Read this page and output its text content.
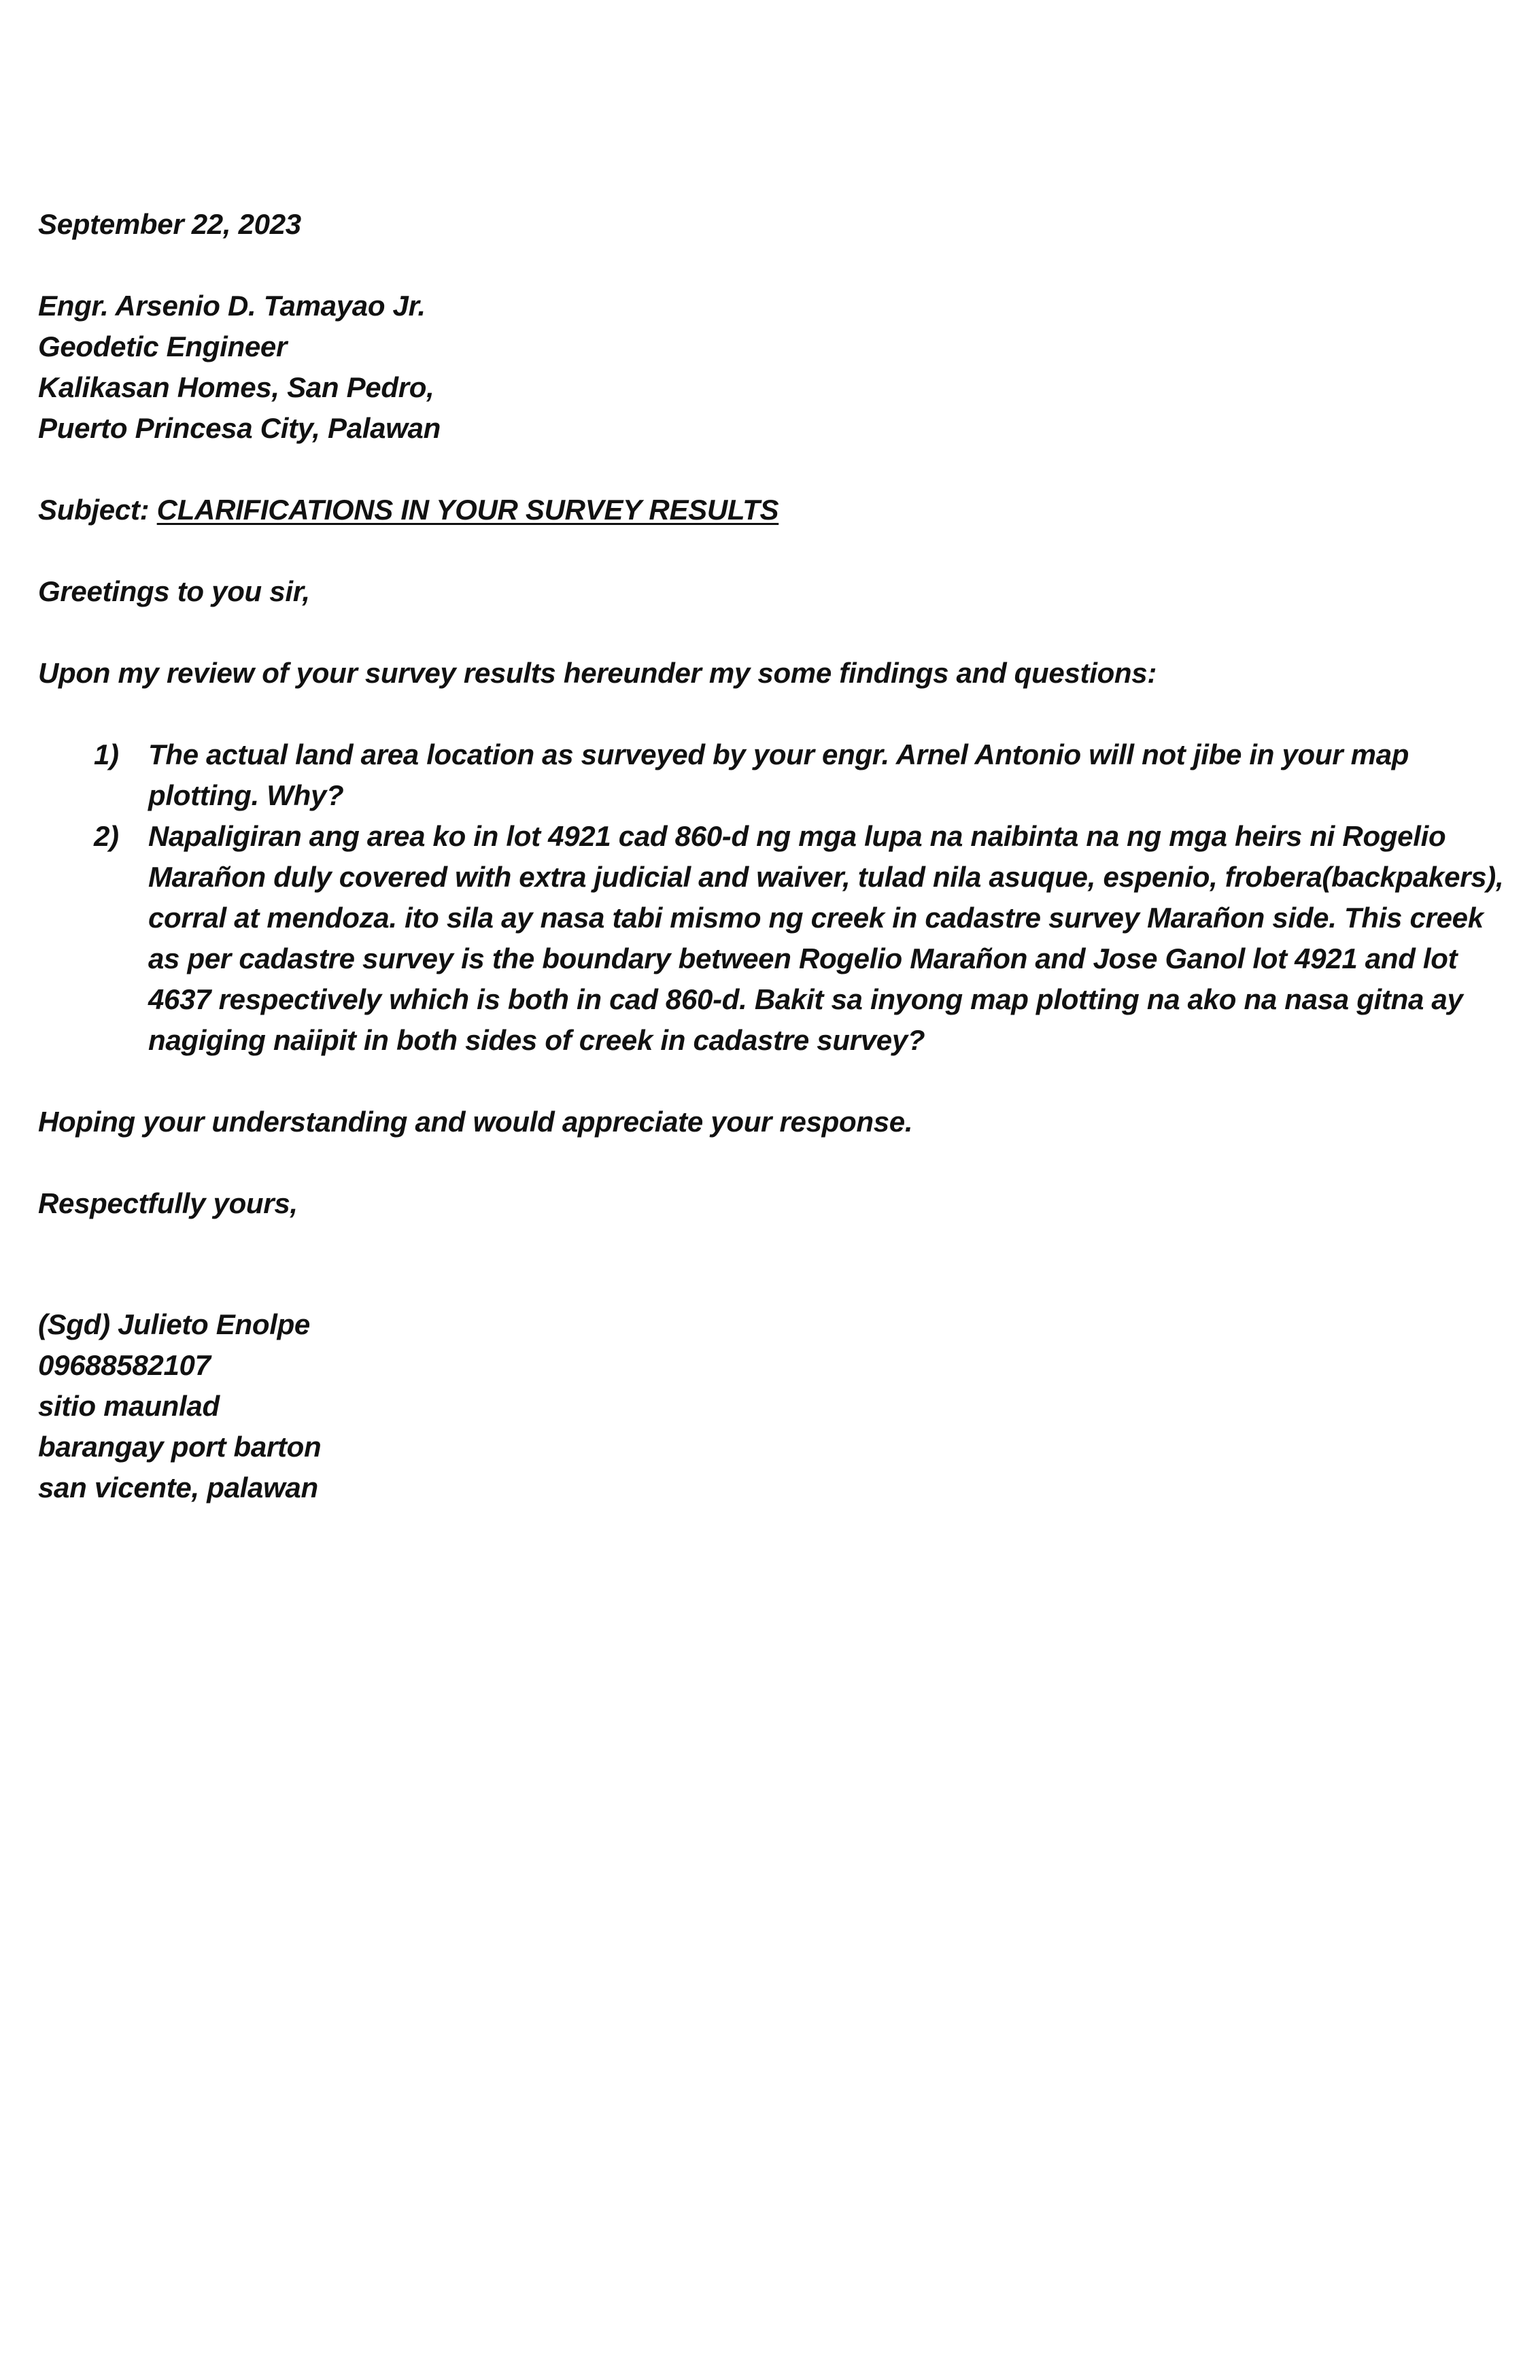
September 22, 2023
Engr. Arsenio D. Tamayao Jr.
Geodetic Engineer
Kalikasan Homes, San Pedro,
Puerto Princesa City, Palawan
Subject: CLARIFICATIONS IN YOUR SURVEY RESULTS
Greetings to you sir,
Upon my review of your survey results hereunder my some findings and questions:
1) The actual land area location as surveyed by your engr. Arnel Antonio will not jibe in your map plotting. Why?
2) Napaligiran ang area ko in lot 4921 cad 860-d ng mga lupa na naibinta na ng mga heirs ni Rogelio Marañon duly covered with extra judicial and waiver, tulad nila asuque, espenio, frobera(backpakers), corral at mendoza. ito sila ay nasa tabi mismo ng creek in cadastre survey Marañon side. This creek as per cadastre survey is the boundary between Rogelio Marañon and Jose Ganol lot 4921 and lot 4637 respectively which is both in cad 860-d. Bakit sa inyong map plotting na ako na nasa gitna ay nagiging naiipit in both sides of creek in cadastre survey?
Hoping your understanding and would appreciate your response.
Respectfully yours,
(Sgd) Julieto Enolpe
09688582107
sitio maunlad
barangay port barton
san vicente, palawan
